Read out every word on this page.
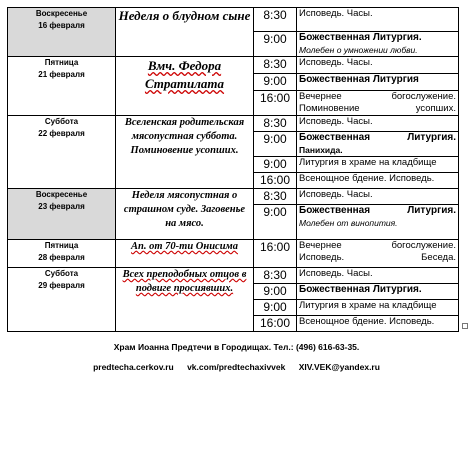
Воскресенье
16 февраля	Неделя о блудном сыне	8:30	Исповедь. Часы.
		9:00	Божественная Литургия.
Молебен о умножении любви.

Пятница
21 февраля	Вмч. Федора Стратилата	8:30	Исповедь. Часы.
		9:00	Божественная Литургия

		16:00	Вечернее богослужение. Поминовение усопших.

Суббота
22 февраля	Вселенская родительская мясопустная суббота. Поминовение усопших.	8:30	Исповедь. Часы.
		9:00	Божественная Литургия.
Панихида.

		9:00	Литургия в храме на кладбище
		16:00	Всенощное бдение. Исповедь.
Воскресенье
23 февраля	Неделя мясопустная о страшном суде. Заговенье на мясо.	8:30	Исповедь. Часы.
		9:00	Божественная Литургия.
Молебен от винопития.

Пятница
28 февраля	Ап. от 70-ти Онисима	16:00	Вечернее богослужение. Исповедь. Беседа.

Суббота
29 февраля	Всех преподобных отцов в подвиге просиявших.	8:30	Исповедь. Часы.
		9:00	Божественная Литургия.

		9:00	Литургия в храме на кладбище
		16:00	Всенощное бдение. Исповедь.
Храм Иоанна Предтечи в Городищах. Тел.: (496) 616-63-35.
predtecha.cerkov.ru vk.com/predtechaxivvek XIV.VEK@yandex.ru
